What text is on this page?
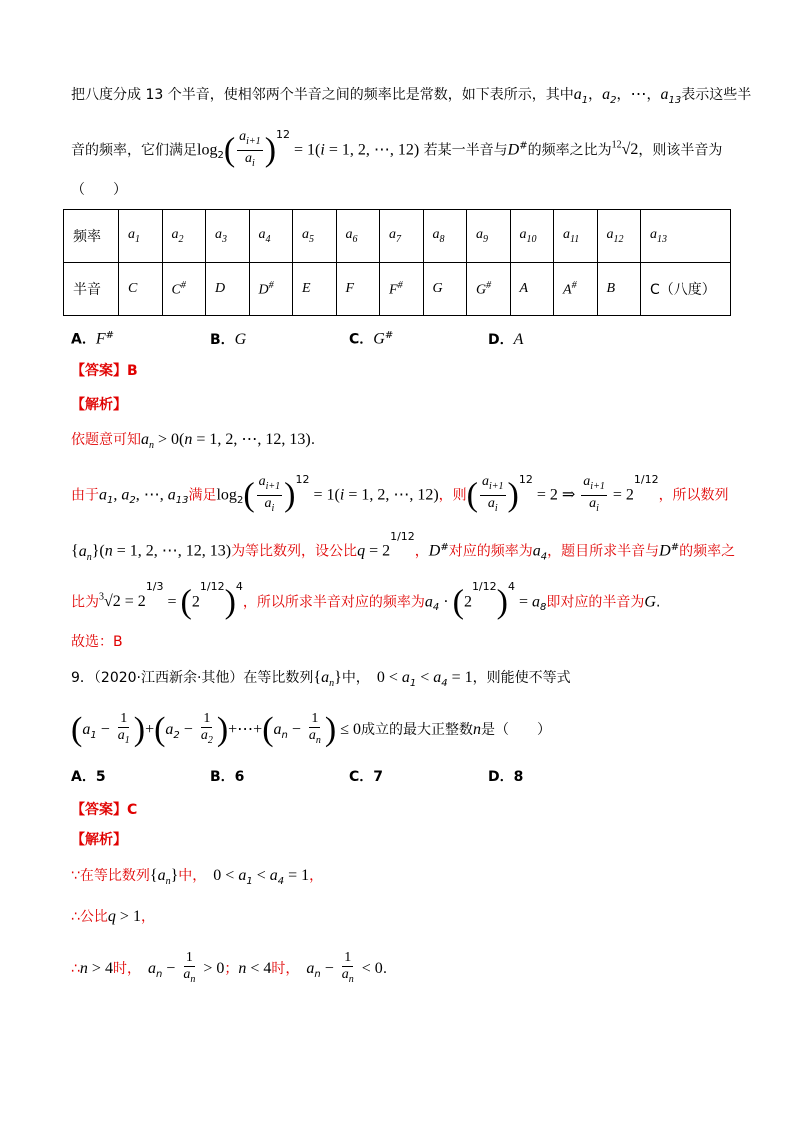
把八度分成 13 个半音，使相邻两个半音之间的频率比是常数，如下表所示，其中$a_1$，$a_2$，⋯，$a_{13}$表示这些半
音的频率，它们满足$\log_2( \frac{a_{i+1}}{a_i} )^{12} = 1(i = 1$, 2, ⋯, 12) 若某一半音与D#的频率之比为$^{12}$√2，则该半音为
（　　）
频率	$a_1$	$a_2$	$a_3$	$a_4$	$a_5$	$a_6$	$a_7$	$a_8$	$a_9$	$a_{10}$	$a_{11}$	$a_{12}$	$a_{13}$
半音	C	C#	D	D#	E	F	F#	G	G#	A	A#	B	C（八度）
A．F#	B．G	C．G#	D．A
【答案】B
【解析】
依题意可知$a_n > 0(n = 1$, 2, ⋯, 12, 13).
由于$a_1$, $a_2$, ⋯, $a_{13}$满足$\log_2( \frac{a_{i+1}}{a_i} )^{12} = 1(i = 1$, 2, ⋯, 12)，则( $\frac{a_{i+1}}{a_i} )^{12} = 2$ ⇒ $\frac{a_{i+1}}{a_i} = 2^{1/12}$，所以数列
$\{a_n\}(n = 1$, 2, ⋯, 12, 13)为等比数列，设公比$q = 2^{1/12}$，D#对应的频率为$a_4$，题目所求半音与D#的频率之
比为$^3√2 = 2^{1/3} = (2^{1/12})^4$，所以所求半音对应的频率为$a_4 \cdot (2^{1/12})^4 = a_8$即对应的半音为G.
故选：B
9．（2020·江西新余·其他）在等比数列$\{a_n\}$中，　 $0 < a_1 < a_4 = 1$，则能使不等式
$(a_1 - \frac{1}{a_1} )+(a_2 - \frac{1}{a_2}$ )$+\cdots+(a_n - \frac{1}{a_n}$ ) ≤ 0成立的最大正整数n是（　　）
A．5	B．6	C．7	D．8
【答案】C
【解析】
∵在等比数列$\{a_n\}$中，　 $0 < a_1 < a_4 = 1$，
∴公比q > 1，
∴n > 4时，　 $a_n - \frac{1}{a_n} > 0$；n < 4时，　 $a_n - \frac{1}{a_n} < 0$.
